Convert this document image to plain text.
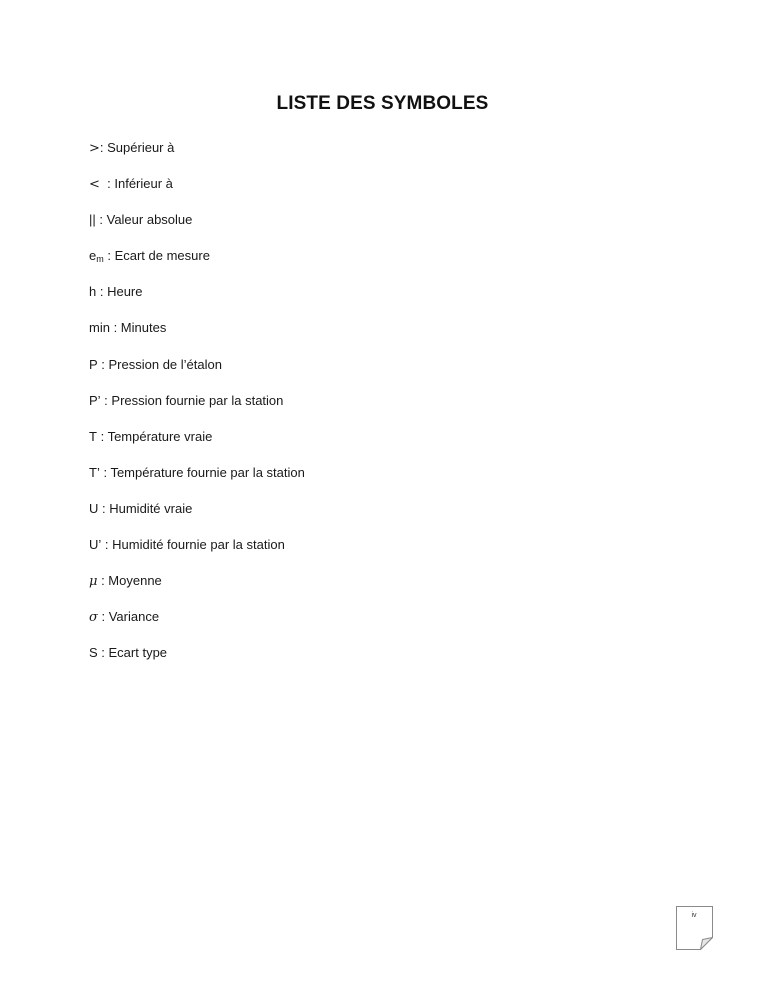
LISTE DES SYMBOLES
>: Supérieur à
<  : Inférieur à
|| : Valeur absolue
$e_m$ : Ecart de mesure
h : Heure
min : Minutes
P : Pression de l’étalon
P’ : Pression fournie par la station
T : Température vraie
T’ : Température fournie par la station
U : Humidité vraie
U’ : Humidité fournie par la station
μ : Moyenne
σ : Variance
S : Ecart type
iv
